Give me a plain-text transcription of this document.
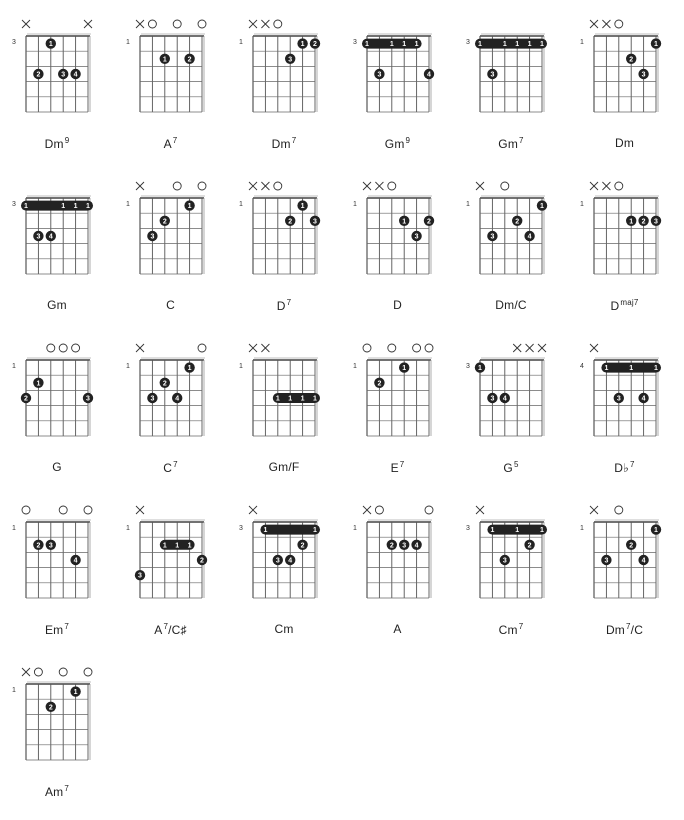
3	1
2	3 4
Dm$^9$
1
1	2
$A^7$
1	1 2
3
Dm$^7$
3 1	1 1 1
3	4
Gm$^9$
3 1	1 1 1 1
3
Gm$^7$
1	1
2
3
Dm
3 1	1 1 1
3 4
Gm
1	1
2
3
C
1	1
2	3
$D^7$
1
1	2
3
D
1	1
2
3	4
Dm/C
1
1 2 3
$D^{maj7}$
1
1
2	3
G
1	1
2
3	4
$C^7$
1
1 1 1 1
Gm/F
1	1
2
$E^7$
3 1
3 4
$G^5$
4	1	1	1
3	4
D♭$^7$
1
2 3
4
Em$^7$
1
1 1 1
2
3
$A^7/C♯$
3	1	1
2
3 4
Cm
1
2 3 4
A
3	1	1	1
2
3
Cm$^7$
1	1
2
3	4
Dm$^7$/C
1	1
2
Am$^7$
